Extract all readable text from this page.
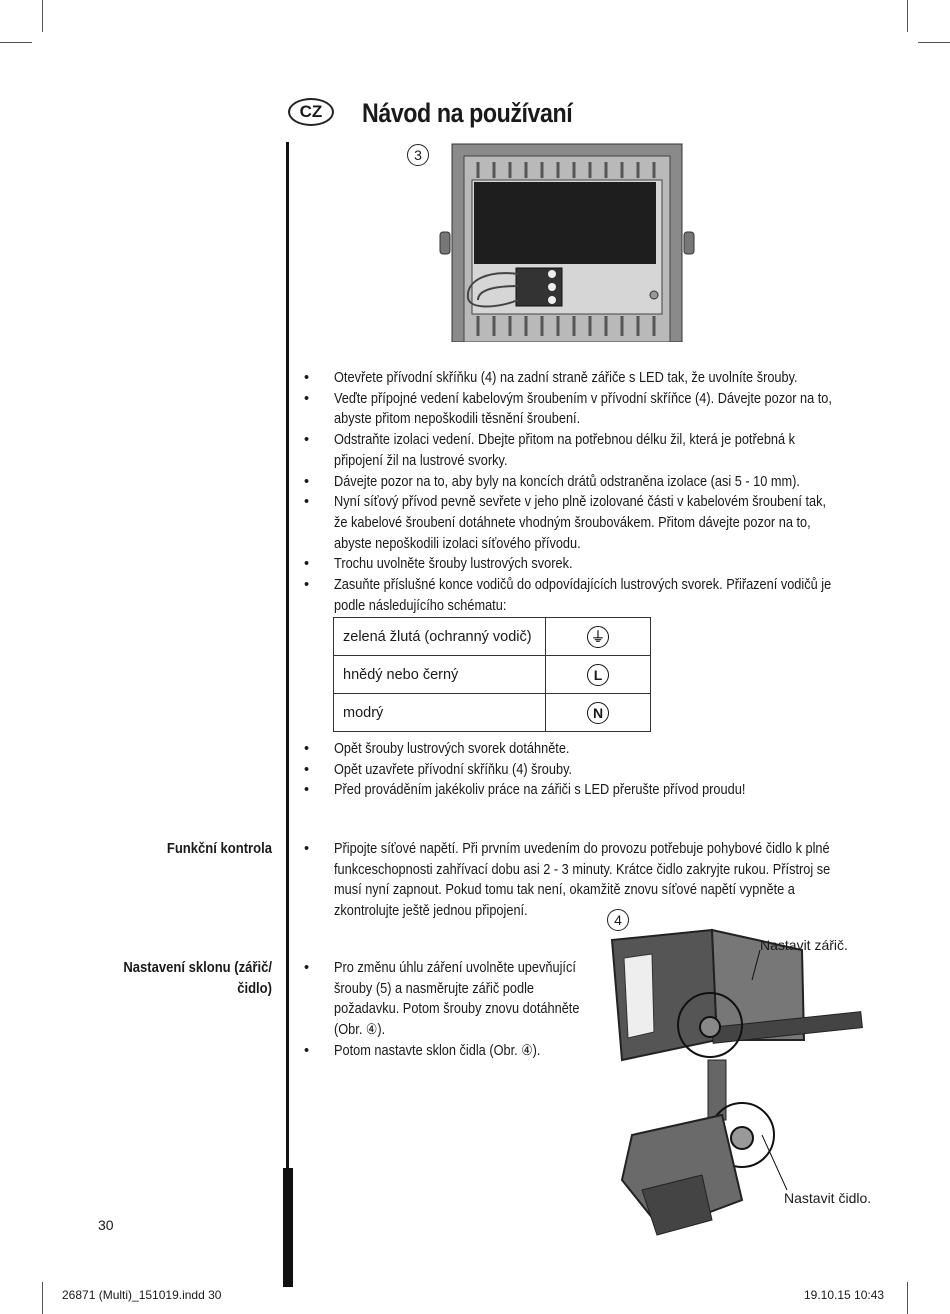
CZ	Návod na používaní
3
• Otevřete přívodní skříňku (4) na zadní straně zářiče s LED tak, že uvolníte šrouby.
• Veďte přípojné vedení kabelovým šroubením v přívodní skříňce (4). Dávejte pozor na to, abyste přitom nepoškodili těsnění šroubení.
• Odstraňte izolaci vedení. Dbejte přitom na potřebnou délku žil, která je potřebná k připojení žil na lustrové svorky.
• Dávejte pozor na to, aby byly na koncích drátů odstraněna izolace (asi 5 - 10 mm).
• Nyní síťový přívod pevně sevřete v jeho plně izolované části v kabelovém šroubení tak, že kabelové šroubení dotáhnete vhodným šroubovákem. Přitom dávejte pozor na to, abyste nepoškodili izolaci síťového přívodu.
• Trochu uvolněte šrouby lustrových svorek.
• Zasuňte příslušné konce vodičů do odpovídajících lustrových svorek. Přiřazení vodičů je podle následujícího schématu:
zelená žlutá (ochranný vodič)	⏚
hnědý nebo černý	L
modrý	N
• Opět šrouby lustrových svorek dotáhněte.
• Opět uzavřete přívodní skříňku (4) šrouby.
• Před prováděním jakékoliv práce na zářiči s LED přerušte přívod proudu!
Funkční kontrola	• Připojte síťové napětí. Při prvním uvedením do provozu potřebuje pohybové čidlo k plné funkceschopnosti zahřívací dobu asi 2 - 3 minuty. Krátce čidlo zakryjte rukou. Přístroj se musí nyní zapnout. Pokud tomu tak není, okamžitě znovu síťové napětí vypněte a zkontrolujte ještě jednou připojení.
Nastavení sklonu (zářič/
čidlo)
• Pro změnu úhlu záření uvolněte upevňující šrouby (5) a nasměrujte zářič podle požadavku. Potom šrouby znovu dotáhněte (Obr. ④).
• Potom nastavte sklon čidla (Obr. ④).
4
Nastavit zářič.
Nastavit čidlo.
30
26871 (Multi)_151019.indd 30	19.10.15 10:43
